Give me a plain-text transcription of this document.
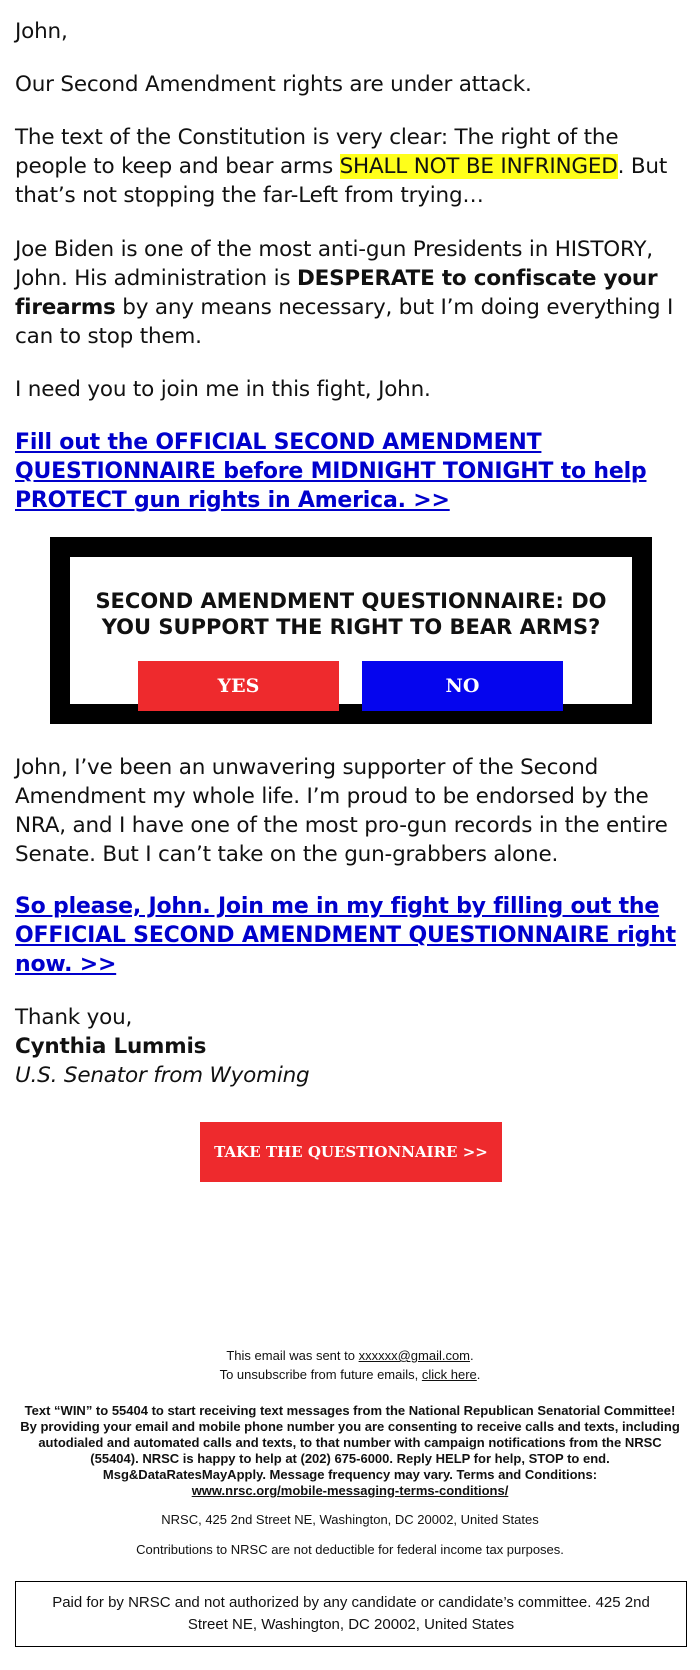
John,

Our Second Amendment rights are under attack.

The text of the Constitution is very clear: The right of the people to keep and bear arms SHALL NOT BE INFRINGED. But that’s not stopping the far-Left from trying…

Joe Biden is one of the most anti-gun Presidents in HISTORY, John. His administration is DESPERATE to confiscate your firearms by any means necessary, but I’m doing everything I can to stop them.

I need you to join me in this fight, John.

Fill out the OFFICIAL SECOND AMENDMENT QUESTIONNAIRE before MIDNIGHT TONIGHT to help PROTECT gun rights in America. >>
SECOND AMENDMENT QUESTIONNAIRE: DO YOU SUPPORT THE RIGHT TO BEAR ARMS?
YES	NO

John, I’ve been an unwavering supporter of the Second Amendment my whole life. I’m proud to be endorsed by the NRA, and I have one of the most pro-gun records in the entire Senate. But I can’t take on the gun-grabbers alone.

So please, John. Join me in my fight by filling out the OFFICIAL SECOND AMENDMENT QUESTIONNAIRE right now. >>

Thank you,

Cynthia Lummis

U.S. Senator from Wyoming

TAKE THE QUESTIONNAIRE >>
This email was sent to xxxxxx@gmail.com.
To unsubscribe from future emails, click here.
Text “WIN” to 55404 to start receiving text messages from the National Republican Senatorial Committee! By providing your email and mobile phone number you are consenting to receive calls and texts, including autodialed and automated calls and texts, to that number with campaign notifications from the NRSC (55404). NRSC is happy to help at (202) 675-6000. Reply HELP for help, STOP to end. Msg&DataRatesMayApply. Message frequency may vary. Terms and Conditions:
www.nrsc.org/mobile-messaging-terms-conditions/
NRSC, 425 2nd Street NE, Washington, DC 20002, United States
Contributions to NRSC are not deductible for federal income tax purposes.
Paid for by NRSC and not authorized by any candidate or candidate’s committee. 425 2nd Street NE, Washington, DC 20002, United States
